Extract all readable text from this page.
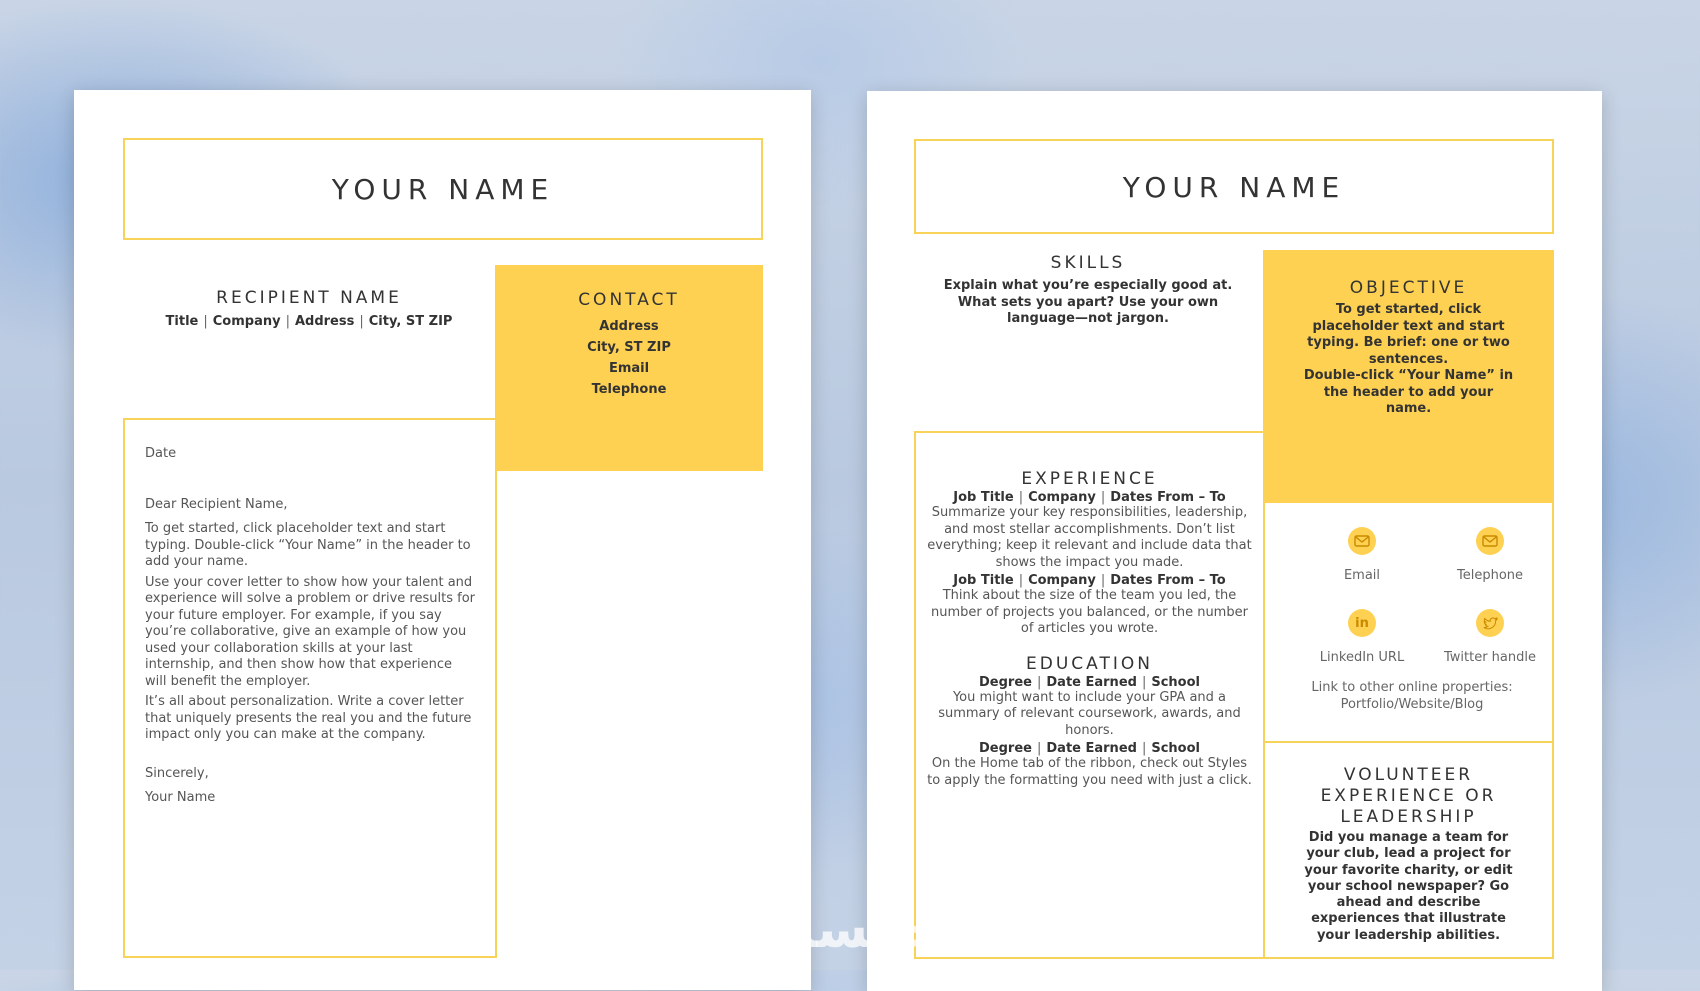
YOUR NAME
RECIPIENT NAME
Title | Company | Address | City, ST ZIP
CONTACT
Address
City, ST ZIP
Email
Telephone
Date
Dear Recipient Name,
To get started, click placeholder text and start typing. Double-click “Your Name” in the header to add your name.
Use your cover letter to show how your talent and experience will solve a problem or drive results for your future employer. For example, if you say you’re collaborative, give an example of how you used your collaboration skills at your last internship, and then show how that experience will benefit the employer.
It’s all about personalization. Write a cover letter that uniquely presents the real you and the future impact only you can make at the company.
Sincerely,
Your Name
YOUR NAME
SKILLS
Explain what you’re especially good at. What sets you apart? Use your own language—not jargon.
OBJECTIVE
To get started, click placeholder text and start typing. Be brief: one or two sentences.
Double-click “Your Name” in the header to add your name.
EXPERIENCE
Job Title | Company | Dates From – To
Summarize your key responsibilities, leadership, and most stellar accomplishments. Don’t list everything; keep it relevant and include data that shows the impact you made.
Job Title | Company | Dates From – To
Think about the size of the team you led, the number of projects you balanced, or the number of articles you wrote.
EDUCATION
Degree | Date Earned | School
You might want to include your GPA and a summary of relevant coursework, awards, and honors.
Degree | Date Earned | School
On the Home tab of the ribbon, check out Styles to apply the formatting you need with just a click.
Email	Telephone
in
LinkedIn URL	Twitter handle
Link to other online properties: Portfolio/Website/Blog
VOLUNTEER EXPERIENCE OR LEADERSHIP
Did you manage a team for your club, lead a project for your favorite charity, or edit your school newspaper? Go ahead and describe experiences that illustrate your leadership abilities.
خمسات
